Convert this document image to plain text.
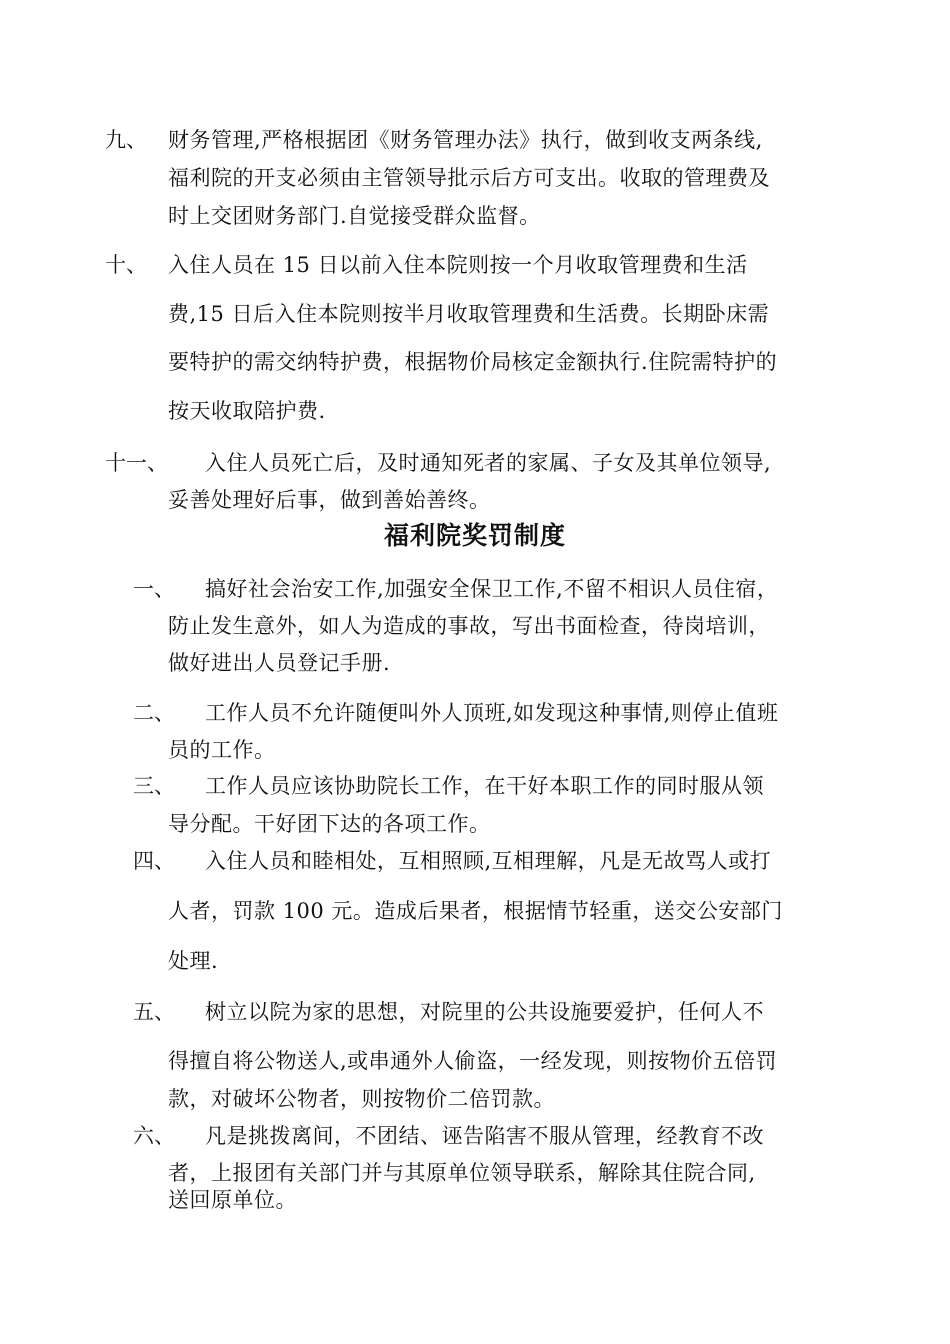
九、 财务管理,严格根据团《财务管理办法》执行，做到收支两条线,
福利院的开支必须由主管领导批示后方可支出。收取的管理费及
时上交团财务部门.自觉接受群众监督。
十、 入住人员在 15 日以前入住本院则按一个月收取管理费和生活
费,15 日后入住本院则按半月收取管理费和生活费。长期卧床需
要特护的需交纳特护费，根据物价局核定金额执行.住院需特护的
按天收取陪护费.
十一、 入住人员死亡后，及时通知死者的家属、子女及其单位领导,
妥善处理好后事，做到善始善终。
福利院奖罚制度
一、 搞好社会治安工作,加强安全保卫工作,不留不相识人员住宿，
防止发生意外，如人为造成的事故，写出书面检查，待岗培训，
做好进出人员登记手册.
二、 工作人员不允许随便叫外人顶班,如发现这种事情,则停止值班
员的工作。
三、 工作人员应该协助院长工作，在干好本职工作的同时服从领
导分配。干好团下达的各项工作。
四、 入住人员和睦相处，互相照顾,互相理解，凡是无故骂人或打
人者，罚款 100 元。造成后果者，根据情节轻重，送交公安部门
处理.
五、 树立以院为家的思想，对院里的公共设施要爱护，任何人不
得擅自将公物送人,或串通外人偷盗，一经发现，则按物价五倍罚
款，对破坏公物者，则按物价二倍罚款。
六、 凡是挑拨离间，不团结、诬告陷害不服从管理，经教育不改
者，上报团有关部门并与其原单位领导联系，解除其住院合同,
送回原单位。
